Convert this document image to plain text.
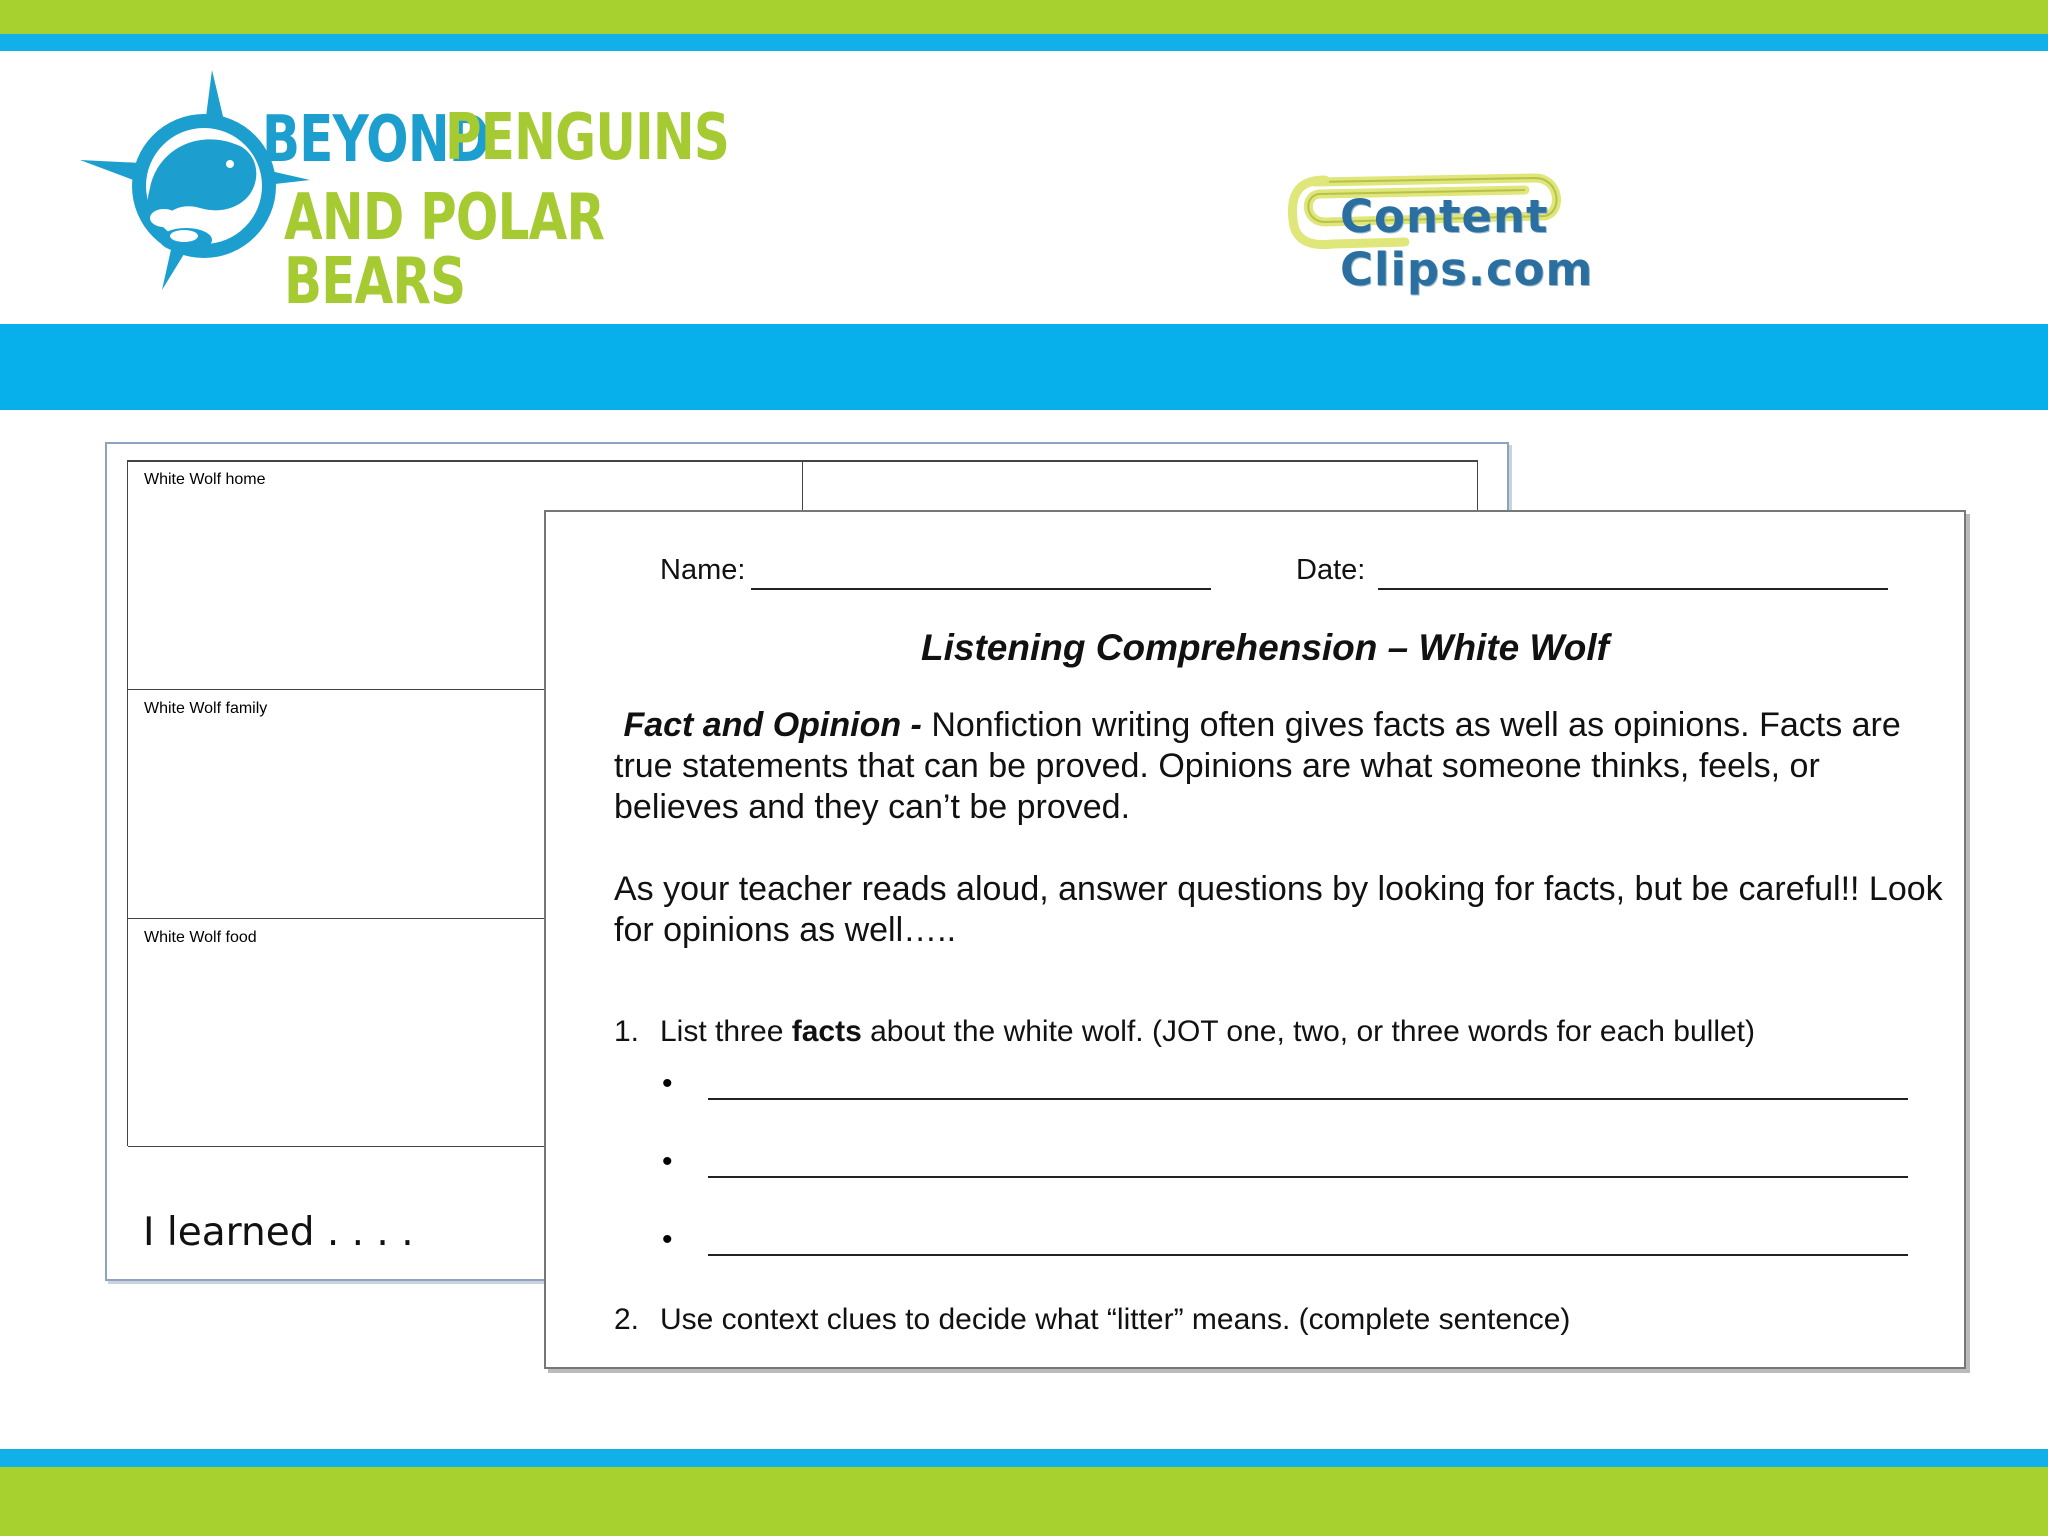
BEYOND
PENGUINS
AND POLAR BEARS
Content Clips.com
White Wolf home
White Wolf family
White Wolf food
I learned . . . .
Name:	Date:
Listening Comprehension – White Wolf
Fact and Opinion - Nonfiction writing often gives facts as well as opinions. Facts are true statements that can be proved. Opinions are what someone thinks, feels, or believes and they can’t be proved.
As your teacher reads aloud, answer questions by looking for facts, but be careful!! Look for opinions as well…..
1. List three facts about the white wolf. (JOT one, two, or three words for each bullet)
•
•
•
2. Use context clues to decide what “litter” means. (complete sentence)
